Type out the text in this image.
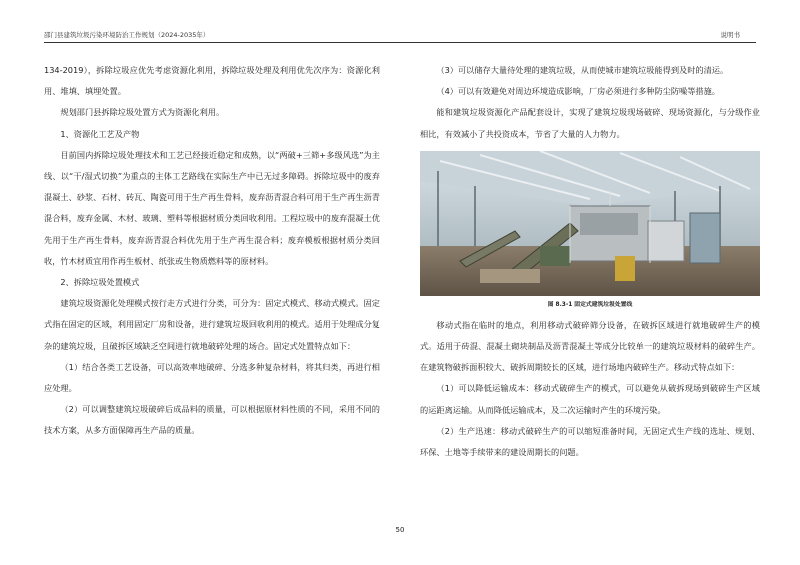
邵门县建筑垃圾污染环境防治工作规划（2024-2035年）	说明书

134-2019），拆除垃圾应优先考虑资源化利用，拆除垃圾处理及利用优先次序为：资源化利用、堆填、填埋处置。

规划邵门县拆除垃圾处置方式为资源化利用。

1、资源化工艺及产物

目前国内拆除垃圾处理技术和工艺已经接近稳定和成熟，以“两破+三筛+多级风选”为主线、以“干/湿式切换”为重点的主体工艺路线在实际生产中已无过多障碍。拆除垃圾中的废弃混凝土、砂浆、石材、砖瓦、陶瓷可用于生产再生骨料，废弃沥青混合料可用于生产再生沥青混合料，废弃金属、木材、玻璃、塑料等根据材质分类回收利用。工程垃圾中的废弃混凝土优先用于生产再生骨料，废弃沥青混合料优先用于生产再生混合料；废弃模板根据材质分类回收，竹木材质宜用作再生板材、纸张或生物质燃料等的原材料。

2、拆除垃圾处置模式

建筑垃圾资源化处理模式按行走方式进行分类，可分为：固定式模式、移动式模式。固定式指在固定的区域，利用固定厂房和设备，进行建筑垃圾回收利用的模式。适用于处理成分复杂的建筑垃圾，且破拆区域缺乏空间进行就地破碎处理的场合。固定式处置特点如下：

（1）结合各类工艺设备，可以高效率地破碎、分选多种复杂材料，将其归类，再进行相应处理。

（2）可以调整建筑垃圾破碎后成品料的质量，可以根据原材料性质的不同，采用不同的技术方案，从多方面保障再生产品的质量。

（3）可以储存大量待处理的建筑垃圾，从而使城市建筑垃圾能得到及时的清运。

（4）可以有效避免对周边环境造成影响，厂房必须进行多种防尘防噪等措施。

能和建筑垃圾资源化产品配套设计，实现了建筑垃圾现场破碎、现场资源化，与分级作业相比，有效减小了共投资成本，节省了大量的人力物力。

图 8.3-1 固定式建筑垃圾处置线

移动式指在临时的地点，利用移动式破碎筛分设备，在破拆区域进行就地破碎生产的模式。适用于砖混、混凝土砌块制品及沥青混凝土等成分比较单一的建筑垃圾材料的破碎生产。在建筑物破拆面积较大、破拆周期较长的区域，进行场地内破碎生产。移动式特点如下：

（1）可以降低运输成本：移动式破碎生产的模式，可以避免从破拆现场到破碎生产区域的运距离运输。从而降低运输成本，及二次运输时产生的环境污染。

（2）生产迅速：移动式破碎生产的可以缩短准备时间，无固定式生产线的选址、规划、环保、土地等手续带来的建设周期长的问题。

50
